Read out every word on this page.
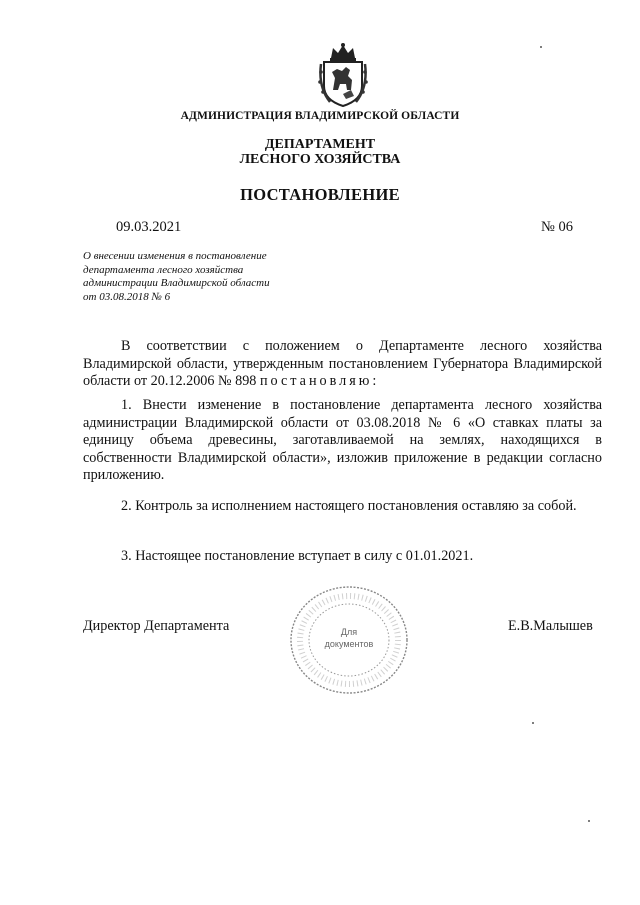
АДМИНИСТРАЦИЯ ВЛАДИМИРСКОЙ ОБЛАСТИ
ДЕПАРТАМЕНТ
ЛЕСНОГО ХОЗЯЙСТВА
ПОСТАНОВЛЕНИЕ
09.03.2021	№ 06
О внесении изменения в постановление
департамента лесного хозяйства
администрации Владимирской области
от 03.08.2018 № 6
В соответствии с положением о Департаменте лесного хозяйства Владимирской области, утвержденным постановлением Губернатора Владимирской области от 20.12.2006 № 898 постановляю:
1. Внести изменение в постановление департамента лесного хозяйства администрации Владимирской области от 03.08.2018 № 6 «О ставках платы за единицу объема древесины, заготавливаемой на землях, находящихся в собственности Владимирской области», изложив приложение в редакции согласно приложению.
2. Контроль за исполнением настоящего постановления оставляю за собой.
3. Настоящее постановление вступает в силу с 01.01.2021.
Директор Департамента	Е.В.Малышев
Для
документов
